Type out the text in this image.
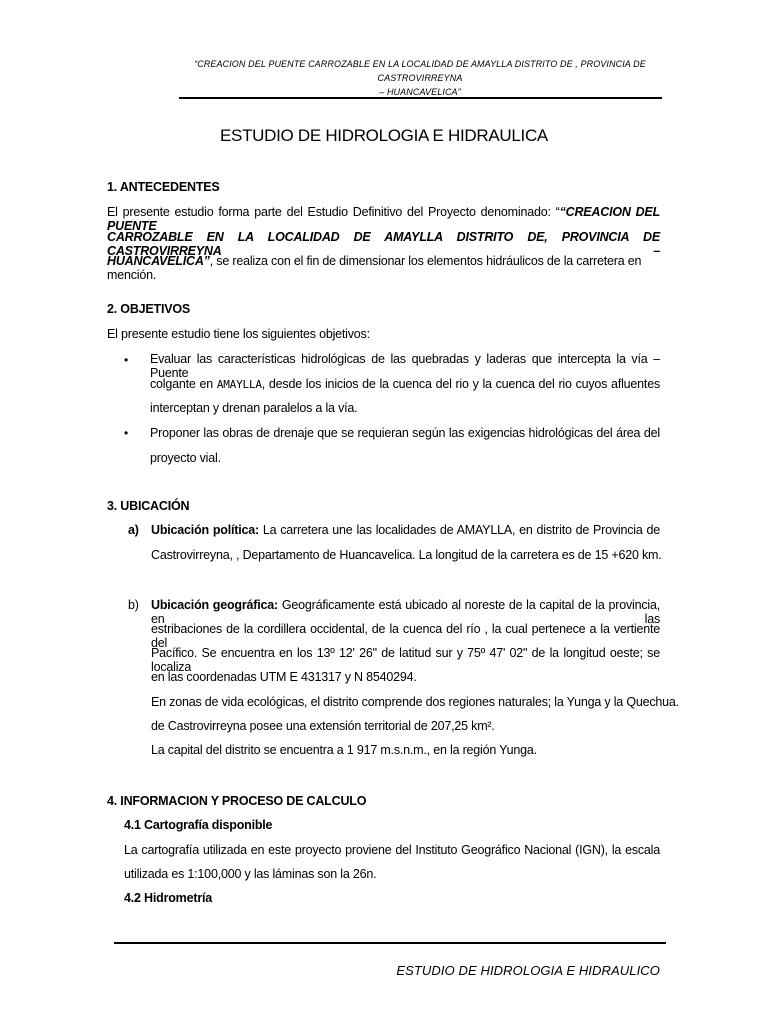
“CREACION DEL PUENTE CARROZABLE EN LA LOCALIDAD DE AMAYLLA DISTRITO DE , PROVINCIA DE CASTROVIRREYNA
– HUANCAVELICA”
ESTUDIO DE HIDROLOGIA E HIDRAULICA
1. ANTECEDENTES
El presente estudio forma parte del Estudio Definitivo del Proyecto denominado: ““CREACION DEL PUENTE
CARROZABLE EN LA LOCALIDAD DE AMAYLLA DISTRITO DE, PROVINCIA DE CASTROVIRREYNA –
HUANCAVELICA”, se realiza con el fin de dimensionar los elementos hidráulicos de la carretera en mención.
2. OBJETIVOS
El presente estudio tiene los siguientes objetivos:
• Evaluar las características hidrológicas de las quebradas y laderas que intercepta la vía – Puente
colgante en AMAYLLA, desde los inicios de la cuenca del rio y la cuenca del rio cuyos afluentes
interceptan y drenan paralelos a la vía.
• Proponer las obras de drenaje que se requieran según las exigencias hidrológicas del área del
proyecto vial.
3. UBICACIÓN
a) Ubicación política: La carretera une las localidades de AMAYLLA, en distrito de Provincia de
Castrovirreyna, , Departamento de Huancavelica. La longitud de la carretera es de 15 +620 km.
b) Ubicación geográfica: Geográficamente está ubicado al noreste de la capital de la provincia, en las
estribaciones de la cordillera occidental, de la cuenca del río , la cual pertenece a la vertiente del
Pacífico. Se encuentra en los 13º 12' 26" de latitud sur y 75º 47' 02" de la longitud oeste; se localiza
en las coordenadas UTM E 431317 y N 8540294.
En zonas de vida ecológicas, el distrito comprende dos regiones naturales; la Yunga y la Quechua.
de Castrovirreyna posee una extensión territorial de 207,25 km².
La capital del distrito se encuentra a 1 917 m.s.n.m., en la región Yunga.
4. INFORMACION Y PROCESO DE CALCULO
4.1 Cartografía disponible
La cartografía utilizada en este proyecto proviene del Instituto Geográfico Nacional (IGN), la escala
utilizada es 1:100,000 y las láminas son la 26n.
4.2 Hidrometría
ESTUDIO DE HIDROLOGIA E HIDRAULICO
